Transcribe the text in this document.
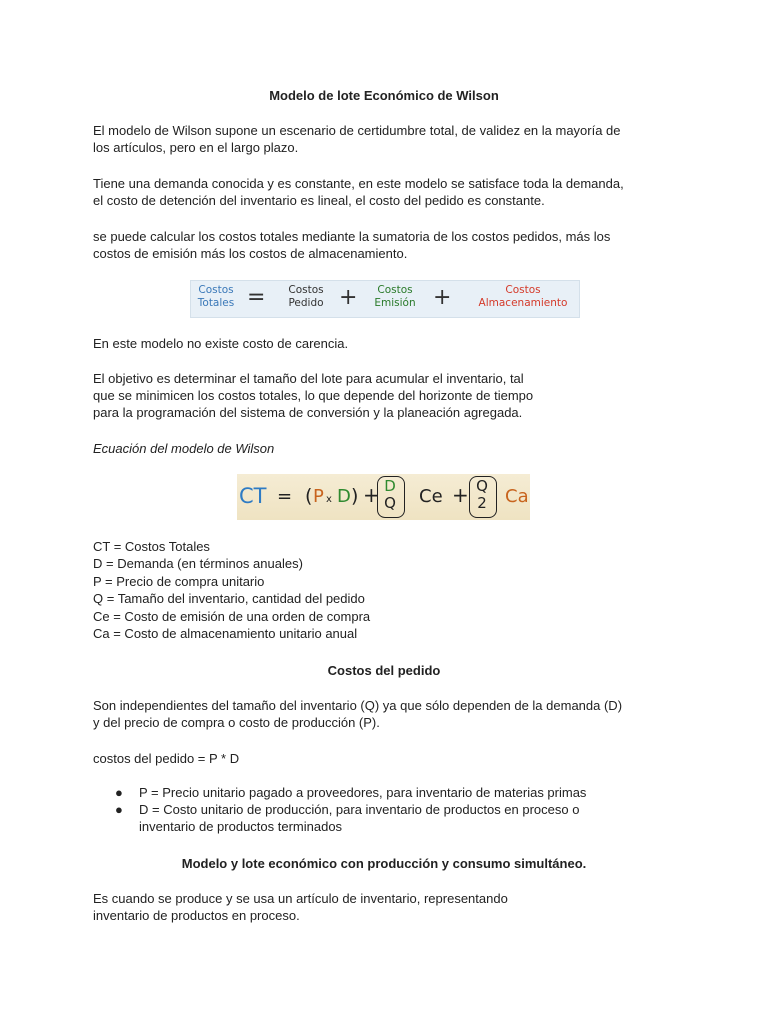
Modelo de lote Económico de Wilson
El modelo de Wilson supone un escenario de certidumbre total, de validez en la mayoría de
los artículos, pero en el largo plazo.
Tiene una demanda conocida y es constante, en este modelo se satisface toda la demanda,
el costo de detención del inventario es lineal, el costo del pedido es constante.
se puede calcular los costos totales mediante la sumatoria de los costos pedidos, más los
costos de emisión más los costos de almacenamiento.
Costos
Totales =	Costos
Pedido +	Costos
Emisión +	Costos
Almacenamiento
En este modelo no existe costo de carencia.
El objetivo es determinar el tamaño del lote para acumular el inventario, tal
que se minimicen los costos totales, lo que depende del horizonte de tiempo
para la programación del sistema de conversión y la planeación agregada.
Ecuación del modelo de Wilson
CT = ( P x D ) + D
Q Ce + Q
2 Ca
CT = Costos Totales
D = Demanda (en términos anuales)
P = Precio de compra unitario
Q = Tamaño del inventario, cantidad del pedido
Ce = Costo de emisión de una orden de compra
Ca = Costo de almacenamiento unitario anual
Costos del pedido
Son independientes del tamaño del inventario (Q) ya que sólo dependen de la demanda (D)
y del precio de compra o costo de producción (P).
costos del pedido = P * D
● P = Precio unitario pagado a proveedores, para inventario de materias primas
● D = Costo unitario de producción, para inventario de productos en proceso o
inventario de productos terminados
Modelo y lote económico con producción y consumo simultáneo.
Es cuando se produce y se usa un artículo de inventario, representando
inventario de productos en proceso.
